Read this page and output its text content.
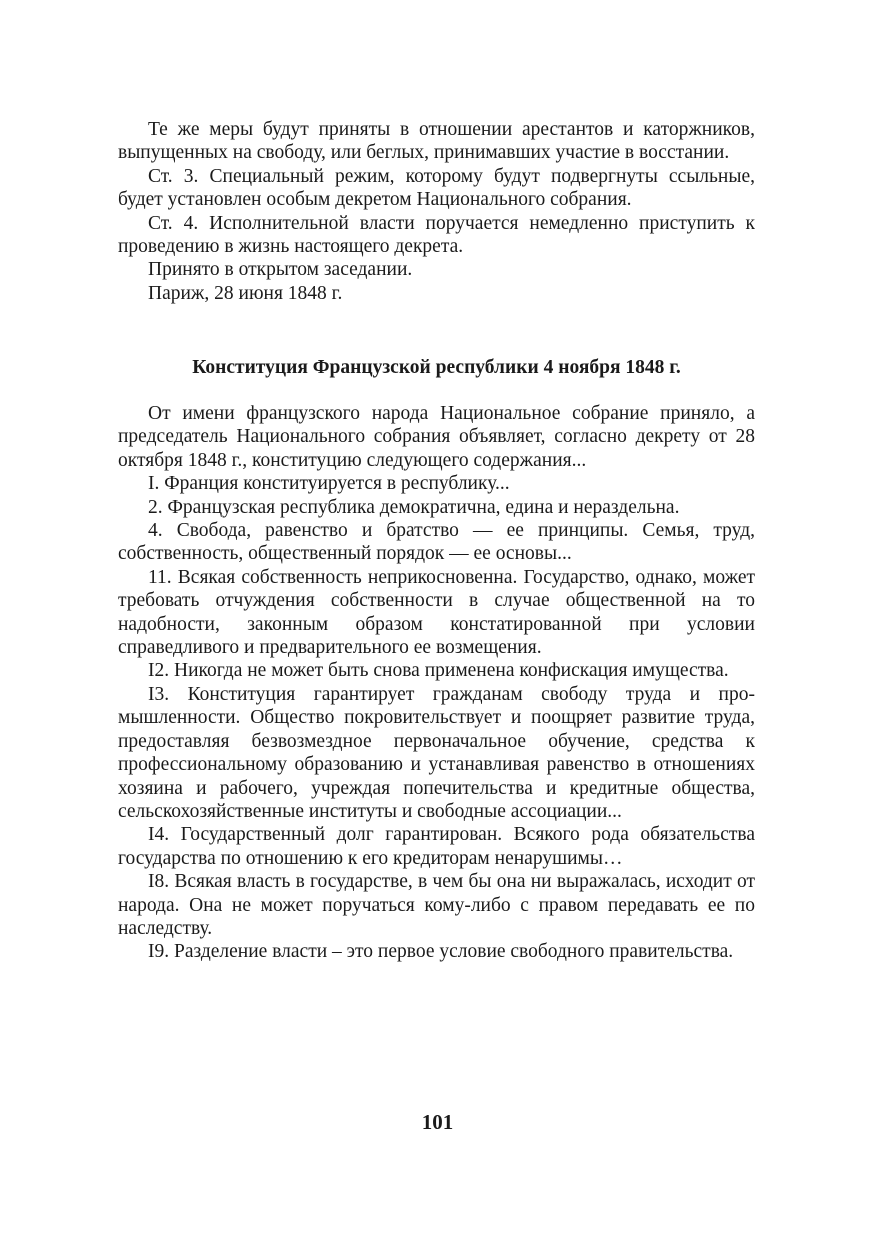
Те же меры будут приняты в отношении арестантов и каторжников, выпущенных на свободу, или беглых, принимавших участие в восстании.

Ст. 3. Специальный режим, которому будут подвергнуты ссыльные, будет установлен особым декретом Национального собрания.

Ст. 4. Исполнительной власти поручается немедленно приступить к проведению в жизнь настоящего декрета.

Принято в открытом заседании.

Париж, 28 июня 1848 г.

Конституция Французской республики 4 ноября 1848 г.

От имени французского народа Национальное собрание приняло, а председатель Национального собрания объявляет, согласно декрету от 28 октября 1848 г., конституцию следующего содержания...

I. Франция конституируется в республику...

2. Французская республика демократична, едина и нераздельна.

4. Свобода, равенство и братство — ее принципы. Семья, труд, собственность, общественный порядок — ее основы...

11. Всякая собственность неприкосновенна. Государство, однако, может требовать отчуждения собственности в случае общественной на то надобности, законным образом констатированной при условии справедливого и предварительного ее возмещения.

I2. Никогда не может быть снова применена конфискация имущества.

I3. Конституция гарантирует гражданам свободу труда и промышленности. Общество покровительствует и поощряет развитие труда, предоставляя безвозмездное первоначальное обучение, средства к профессиональному образованию и устанавливая равенство в отношениях хозяина и рабочего, учреждая попечительства и кредитные общества, сельскохозяйственные институты и свободные ассоциации...

I4. Государственный долг гарантирован. Всякого рода обязательства государства по отношению к его кредиторам ненарушимы…

I8. Всякая власть в государстве, в чем бы она ни выражалась, исходит от народа. Она не может поручаться кому-либо с правом передавать ее по наследству.

I9. Разделение власти – это первое условие свободного правительства.

101
